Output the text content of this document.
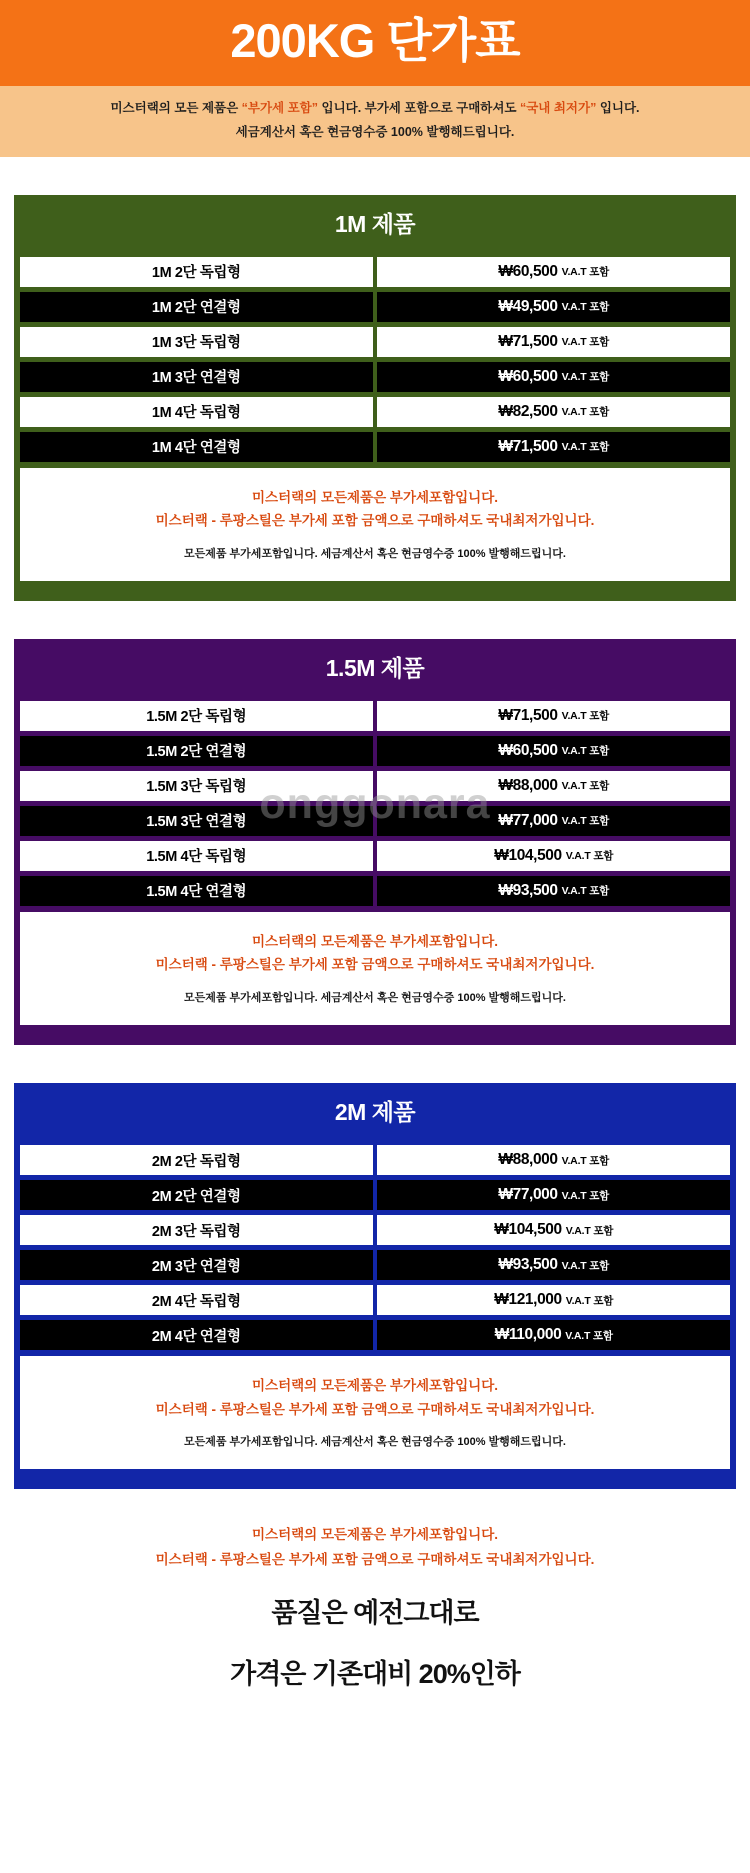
200KG 단가표
미스터랙의 모든 제품은 “부가세 포함” 입니다. 부가세 포함으로 구매하셔도 “국내 최저가” 입니다.
세금계산서 혹은 현금영수증 100% 발행해드립니다.
1M 제품
1M 2단 독립형	₩60,500 V.A.T 포함
1M 2단 연결형	₩49,500 V.A.T 포함
1M 3단 독립형	₩71,500 V.A.T 포함
1M 3단 연결형	₩60,500 V.A.T 포함
1M 4단 독립형	₩82,500 V.A.T 포함
1M 4단 연결형	₩71,500 V.A.T 포함
미스터랙의 모든제품은 부가세포함입니다.
미스터랙 - 루팡스틸은 부가세 포함 금액으로 구매하셔도 국내최저가입니다.
모든제품 부가세포함입니다. 세금계산서 혹은 현금영수증 100% 발행해드립니다.
1.5M 제품
1.5M 2단 독립형	₩71,500 V.A.T 포함
1.5M 2단 연결형	₩60,500 V.A.T 포함
1.5M 3단 독립형	₩88,000 V.A.T 포함
1.5M 3단 연결형	₩77,000 V.A.T 포함
1.5M 4단 독립형	₩104,500 V.A.T 포함
1.5M 4단 연결형	₩93,500 V.A.T 포함
미스터랙의 모든제품은 부가세포함입니다.
미스터랙 - 루팡스틸은 부가세 포함 금액으로 구매하셔도 국내최저가입니다.
모든제품 부가세포함입니다. 세금계산서 혹은 현금영수증 100% 발행해드립니다.
2M 제품
2M 2단 독립형	₩88,000 V.A.T 포함
2M 2단 연결형	₩77,000 V.A.T 포함
2M 3단 독립형	₩104,500 V.A.T 포함
2M 3단 연결형	₩93,500 V.A.T 포함
2M 4단 독립형	₩121,000 V.A.T 포함
2M 4단 연결형	₩110,000 V.A.T 포함
미스터랙의 모든제품은 부가세포함입니다.
미스터랙 - 루팡스틸은 부가세 포함 금액으로 구매하셔도 국내최저가입니다.
모든제품 부가세포함입니다. 세금계산서 혹은 현금영수증 100% 발행해드립니다.
미스터랙의 모든제품은 부가세포함입니다.
미스터랙 - 루팡스틸은 부가세 포함 금액으로 구매하셔도 국내최저가입니다.
품질은 예전그대로
가격은 기존대비 20%인하
onggonara
